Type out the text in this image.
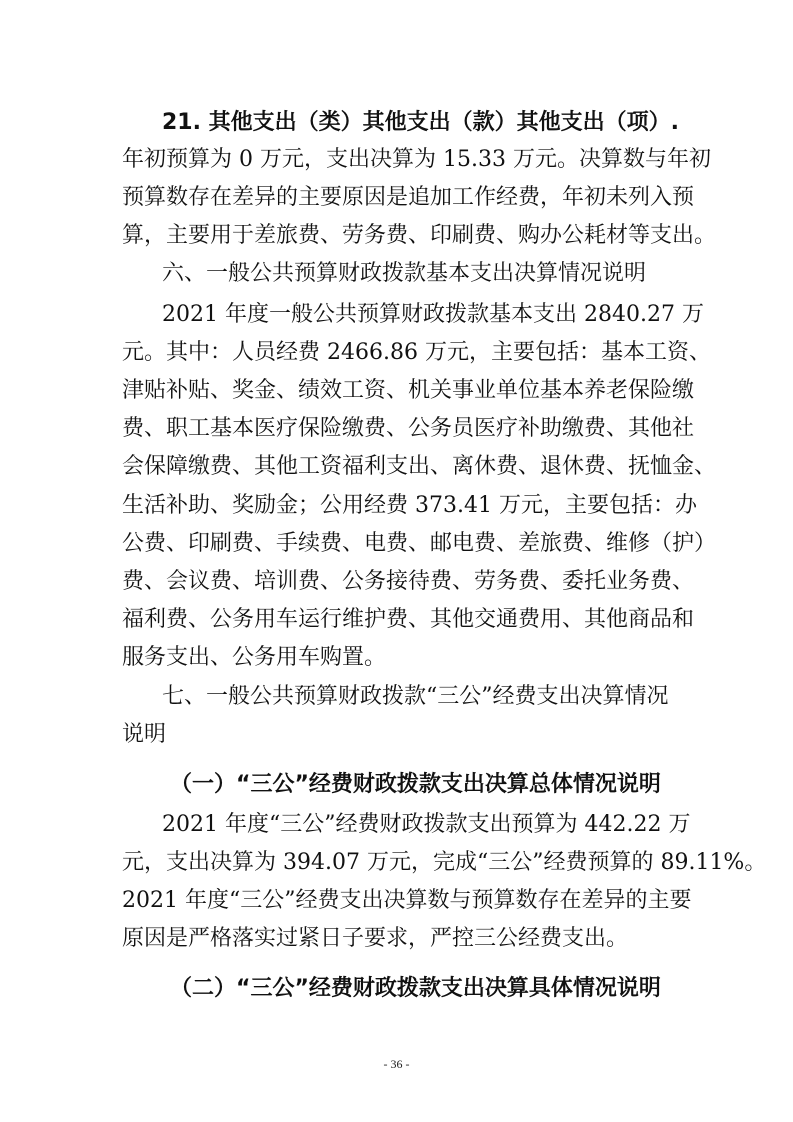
21. 其他支出（类）其他支出（款）其他支出（项）.
年初预算为 0 万元，支出决算为 15.33 万元。决算数与年初
预算数存在差异的主要原因是追加工作经费，年初未列入预
算，主要用于差旅费、劳务费、印刷费、购办公耗材等支出。
六、一般公共预算财政拨款基本支出决算情况说明
2021 年度一般公共预算财政拨款基本支出 2840.27 万
元。其中：人员经费 2466.86 万元，主要包括：基本工资、
津贴补贴、奖金、绩效工资、机关事业单位基本养老保险缴
费、职工基本医疗保险缴费、公务员医疗补助缴费、其他社
会保障缴费、其他工资福利支出、离休费、退休费、抚恤金、
生活补助、奖励金；公用经费 373.41 万元，主要包括：办
公费、印刷费、手续费、电费、邮电费、差旅费、维修（护）
费、会议费、培训费、公务接待费、劳务费、委托业务费、
福利费、公务用车运行维护费、其他交通费用、其他商品和
服务支出、公务用车购置。
七、一般公共预算财政拨款“三公”经费支出决算情况
说明
（一）“三公”经费财政拨款支出决算总体情况说明
2021 年度“三公”经费财政拨款支出预算为 442.22 万
元，支出决算为 394.07 万元，完成“三公”经费预算的 89.11%。
2021 年度“三公”经费支出决算数与预算数存在差异的主要
原因是严格落实过紧日子要求，严控三公经费支出。
（二）“三公”经费财政拨款支出决算具体情况说明
- 36 -
